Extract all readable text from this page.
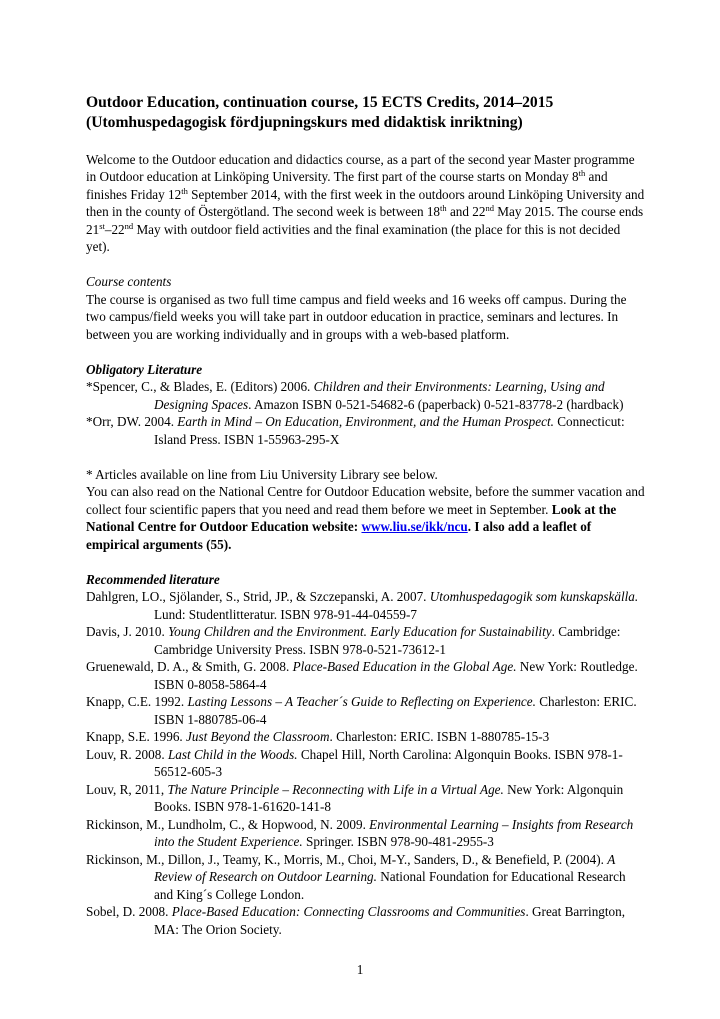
Outdoor Education, continuation course, 15 ECTS Credits, 2014–2015
(Utomhuspedagogisk fördjupningskurs med didaktisk inriktning)

Welcome to the Outdoor education and didactics course, as a part of the second year Master programme in Outdoor education at Linköping University. The first part of the course starts on Monday 8th and finishes Friday 12th September 2014, with the first week in the outdoors around Linköping University and then in the county of Östergötland. The second week is between 18th and 22nd May 2015. The course ends 21st–22nd May with outdoor field activities and the final examination (the place for this is not decided yet).

Course contents

The course is organised as two full time campus and field weeks and 16 weeks off campus. During the two campus/field weeks you will take part in outdoor education in practice, seminars and lectures. In between you are working individually and in groups with a web-based platform.

Obligatory Literature

*Spencer, C., & Blades, E. (Editors) 2006. Children and their Environments: Learning, Using and Designing Spaces. Amazon ISBN 0-521-54682-6 (paperback) 0-521-83778-2 (hardback)

*Orr, DW. 2004. Earth in Mind – On Education, Environment, and the Human Prospect. Connecticut: Island Press. ISBN 1-55963-295-X

* Articles available on line from Liu University Library see below.

You can also read on the National Centre for Outdoor Education website, before the summer vacation and collect four scientific papers that you need and read them before we meet in September. Look at the National Centre for Outdoor Education website: www.liu.se/ikk/ncu. I also add a leaflet of empirical arguments (55).

Recommended literature

Dahlgren, LO., Sjölander, S., Strid, JP., & Szczepanski, A. 2007. Utomhuspedagogik som kunskapskälla. Lund: Studentlitteratur. ISBN 978-91-44-04559-7

Davis, J. 2010. Young Children and the Environment. Early Education for Sustainability. Cambridge: Cambridge University Press. ISBN 978-0-521-73612-1

Gruenewald, D. A., & Smith, G. 2008. Place-Based Education in the Global Age. New York: Routledge. ISBN 0-8058-5864-4

Knapp, C.E. 1992. Lasting Lessons – A Teacher´s Guide to Reflecting on Experience. Charleston: ERIC. ISBN 1-880785-06-4

Knapp, S.E. 1996. Just Beyond the Classroom. Charleston: ERIC. ISBN 1-880785-15-3

Louv, R. 2008. Last Child in the Woods. Chapel Hill, North Carolina: Algonquin Books. ISBN 978-1-56512-605-3

Louv, R, 2011, The Nature Principle – Reconnecting with Life in a Virtual Age. New York: Algonquin Books. ISBN 978-1-61620-141-8

Rickinson, M., Lundholm, C., & Hopwood, N. 2009. Environmental Learning – Insights from Research into the Student Experience. Springer. ISBN 978-90-481-2955-3

Rickinson, M., Dillon, J., Teamy, K., Morris, M., Choi, M-Y., Sanders, D., & Benefield, P. (2004). A Review of Research on Outdoor Learning. National Foundation for Educational Research and King´s College London.

Sobel, D. 2008. Place-Based Education: Connecting Classrooms and Communities. Great Barrington, MA: The Orion Society.

1
